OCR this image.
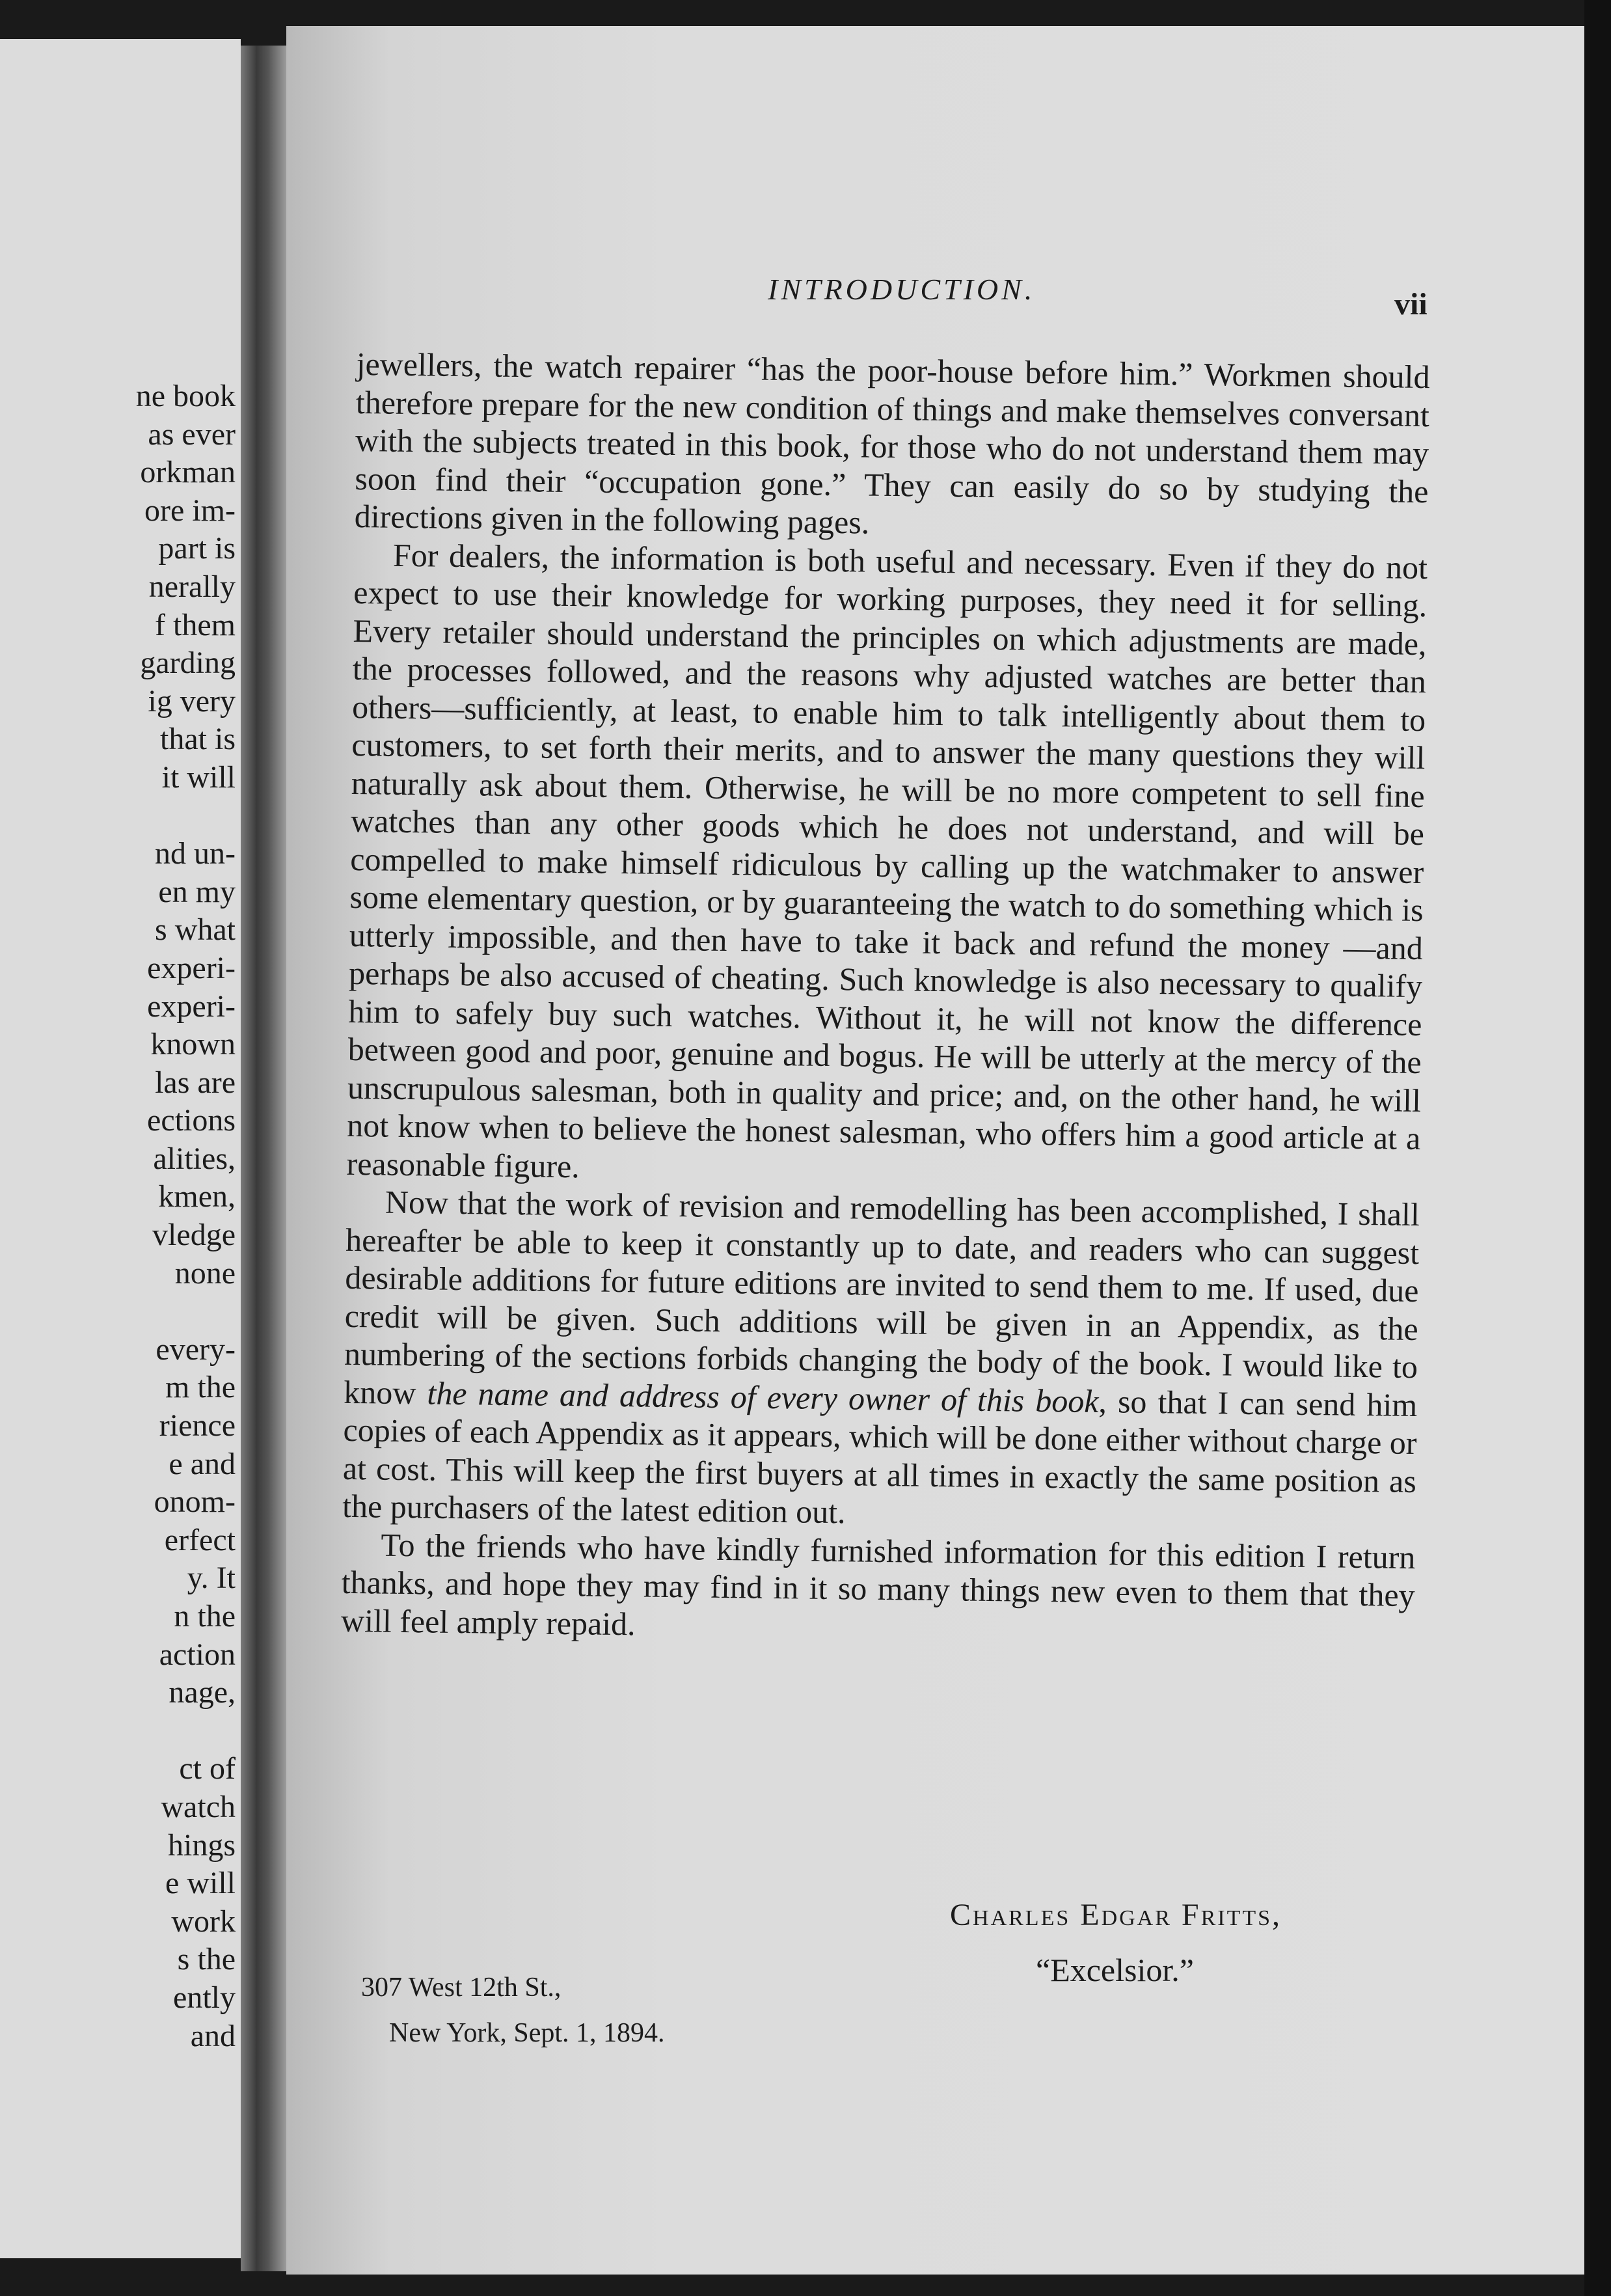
ne book
as ever
orkman
ore im-
part is
nerally
f them
garding
ig very
that is
it will
nd un-
en my
s what
experi-
experi-
known
las are
ections
alities,
kmen,
vledge
none
every-
m the
rience
e and
onom-
erfect
y. It
n the
action
nage,
ct of
watch
hings
e will
work
s the
ently
and
INTRODUCTION.	vii

jewellers, the watch repairer “has the poor-house before him.” Workmen should therefore prepare for the new condition of things and make themselves conversant with the subjects treated in this book, for those who do not understand them may soon find their “occupation gone.” They can easily do so by studying the directions given in the following pages.

For dealers, the information is both useful and necessary. Even if they do not expect to use their knowledge for working purposes, they need it for selling. Every retailer should understand the principles on which adjustments are made, the processes followed, and the reasons why adjusted watches are better than others—sufficiently, at least, to enable him to talk intelligently about them to customers, to set forth their merits, and to answer the many questions they will naturally ask about them. Otherwise, he will be no more competent to sell fine watches than any other goods which he does not understand, and will be compelled to make himself ridiculous by calling up the watchmaker to answer some elementary question, or by guaranteeing the watch to do something which is utterly impossible, and then have to take it back and refund the money —and perhaps be also accused of cheating. Such knowledge is also necessary to qualify him to safely buy such watches. Without it, he will not know the difference between good and poor, genuine and bogus. He will be utterly at the mercy of the unscrupulous salesman, both in quality and price; and, on the other hand, he will not know when to believe the honest salesman, who offers him a good article at a reasonable figure.

Now that the work of revision and remodelling has been accomplished, I shall hereafter be able to keep it constantly up to date, and readers who can suggest desirable additions for future editions are invited to send them to me. If used, due credit will be given. Such additions will be given in an Appendix, as the numbering of the sections forbids changing the body of the book. I would like to know the name and address of every owner of this book, so that I can send him copies of each Appendix as it appears, which will be done either without charge or at cost. This will keep the first buyers at all times in exactly the same position as the purchasers of the latest edition out.

To the friends who have kindly furnished information for this edition I return thanks, and hope they may find in it so many things new even to them that they will feel amply repaid.

Charles Edgar Fritts,
“Excelsior.”
307 West 12th St.,
New York, Sept. 1, 1894.
